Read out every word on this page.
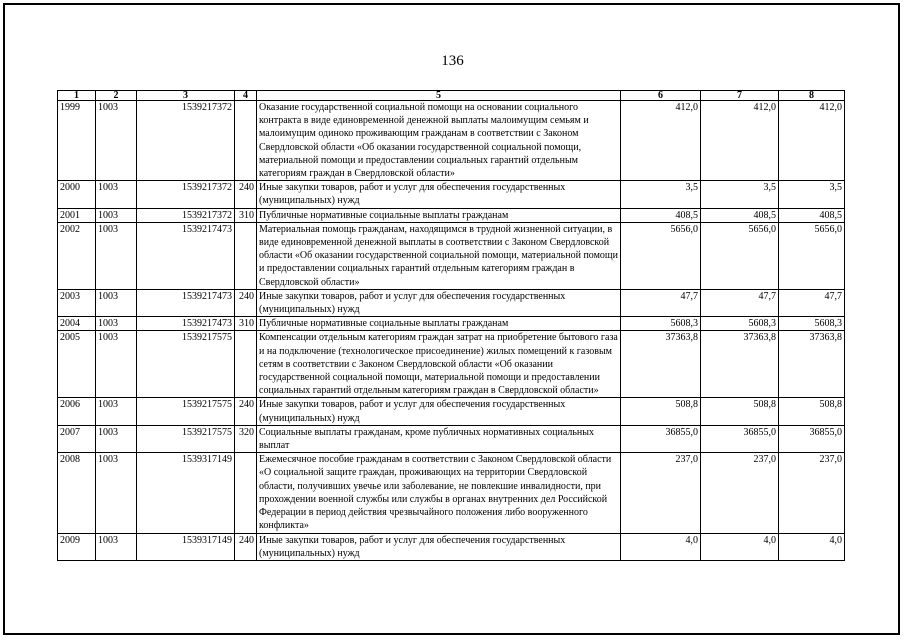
136
1	2	3	4	5	6	7	8
1999	1003	1539217372		Оказание государственной социальной помощи на основании социального контракта в виде единовременной денежной выплаты малоимущим семьям и малоимущим одиноко проживающим гражданам в соответствии с Законом Свердловской области «Об оказании государственной социальной помощи, материальной помощи и предоставлении социальных гарантий отдельным категориям граждан в Свердловской области»	412,0	412,0	412,0
2000	1003	1539217372	240	Иные закупки товаров, работ и услуг для обеспечения государственных (муниципальных) нужд	3,5	3,5	3,5
2001	1003	1539217372	310	Публичные нормативные социальные выплаты гражданам	408,5	408,5	408,5
2002	1003	1539217473		Материальная помощь гражданам, находящимся в трудной жизненной ситуации, в виде единовременной денежной выплаты в соответствии с Законом Свердловской области «Об оказании государственной социальной помощи, материальной помощи и предоставлении социальных гарантий отдельным категориям граждан в Свердловской области»	5656,0	5656,0	5656,0
2003	1003	1539217473	240	Иные закупки товаров, работ и услуг для обеспечения государственных (муниципальных) нужд	47,7	47,7	47,7
2004	1003	1539217473	310	Публичные нормативные социальные выплаты гражданам	5608,3	5608,3	5608,3
2005	1003	1539217575		Компенсации отдельным категориям граждан затрат на приобретение бытового газа и на подключение (технологическое присоединение) жилых помещений к газовым сетям в соответствии с Законом Свердловской области «Об оказании государственной социальной помощи, материальной помощи и предоставлении социальных гарантий отдельным категориям граждан в Свердловской области»	37363,8	37363,8	37363,8
2006	1003	1539217575	240	Иные закупки товаров, работ и услуг для обеспечения государственных (муниципальных) нужд	508,8	508,8	508,8
2007	1003	1539217575	320	Социальные выплаты гражданам, кроме публичных нормативных социальных выплат	36855,0	36855,0	36855,0
2008	1003	1539317149		Ежемесячное пособие гражданам в соответствии с Законом Свердловской области «О социальной защите граждан, проживающих на территории Свердловской области, получивших увечье или заболевание, не повлекшие инвалидности, при прохождении военной службы или службы в органах внутренних дел Российской Федерации в период действия чрезвычайного положения либо вооруженного конфликта»	237,0	237,0	237,0
2009	1003	1539317149	240	Иные закупки товаров, работ и услуг для обеспечения государственных (муниципальных) нужд	4,0	4,0	4,0
